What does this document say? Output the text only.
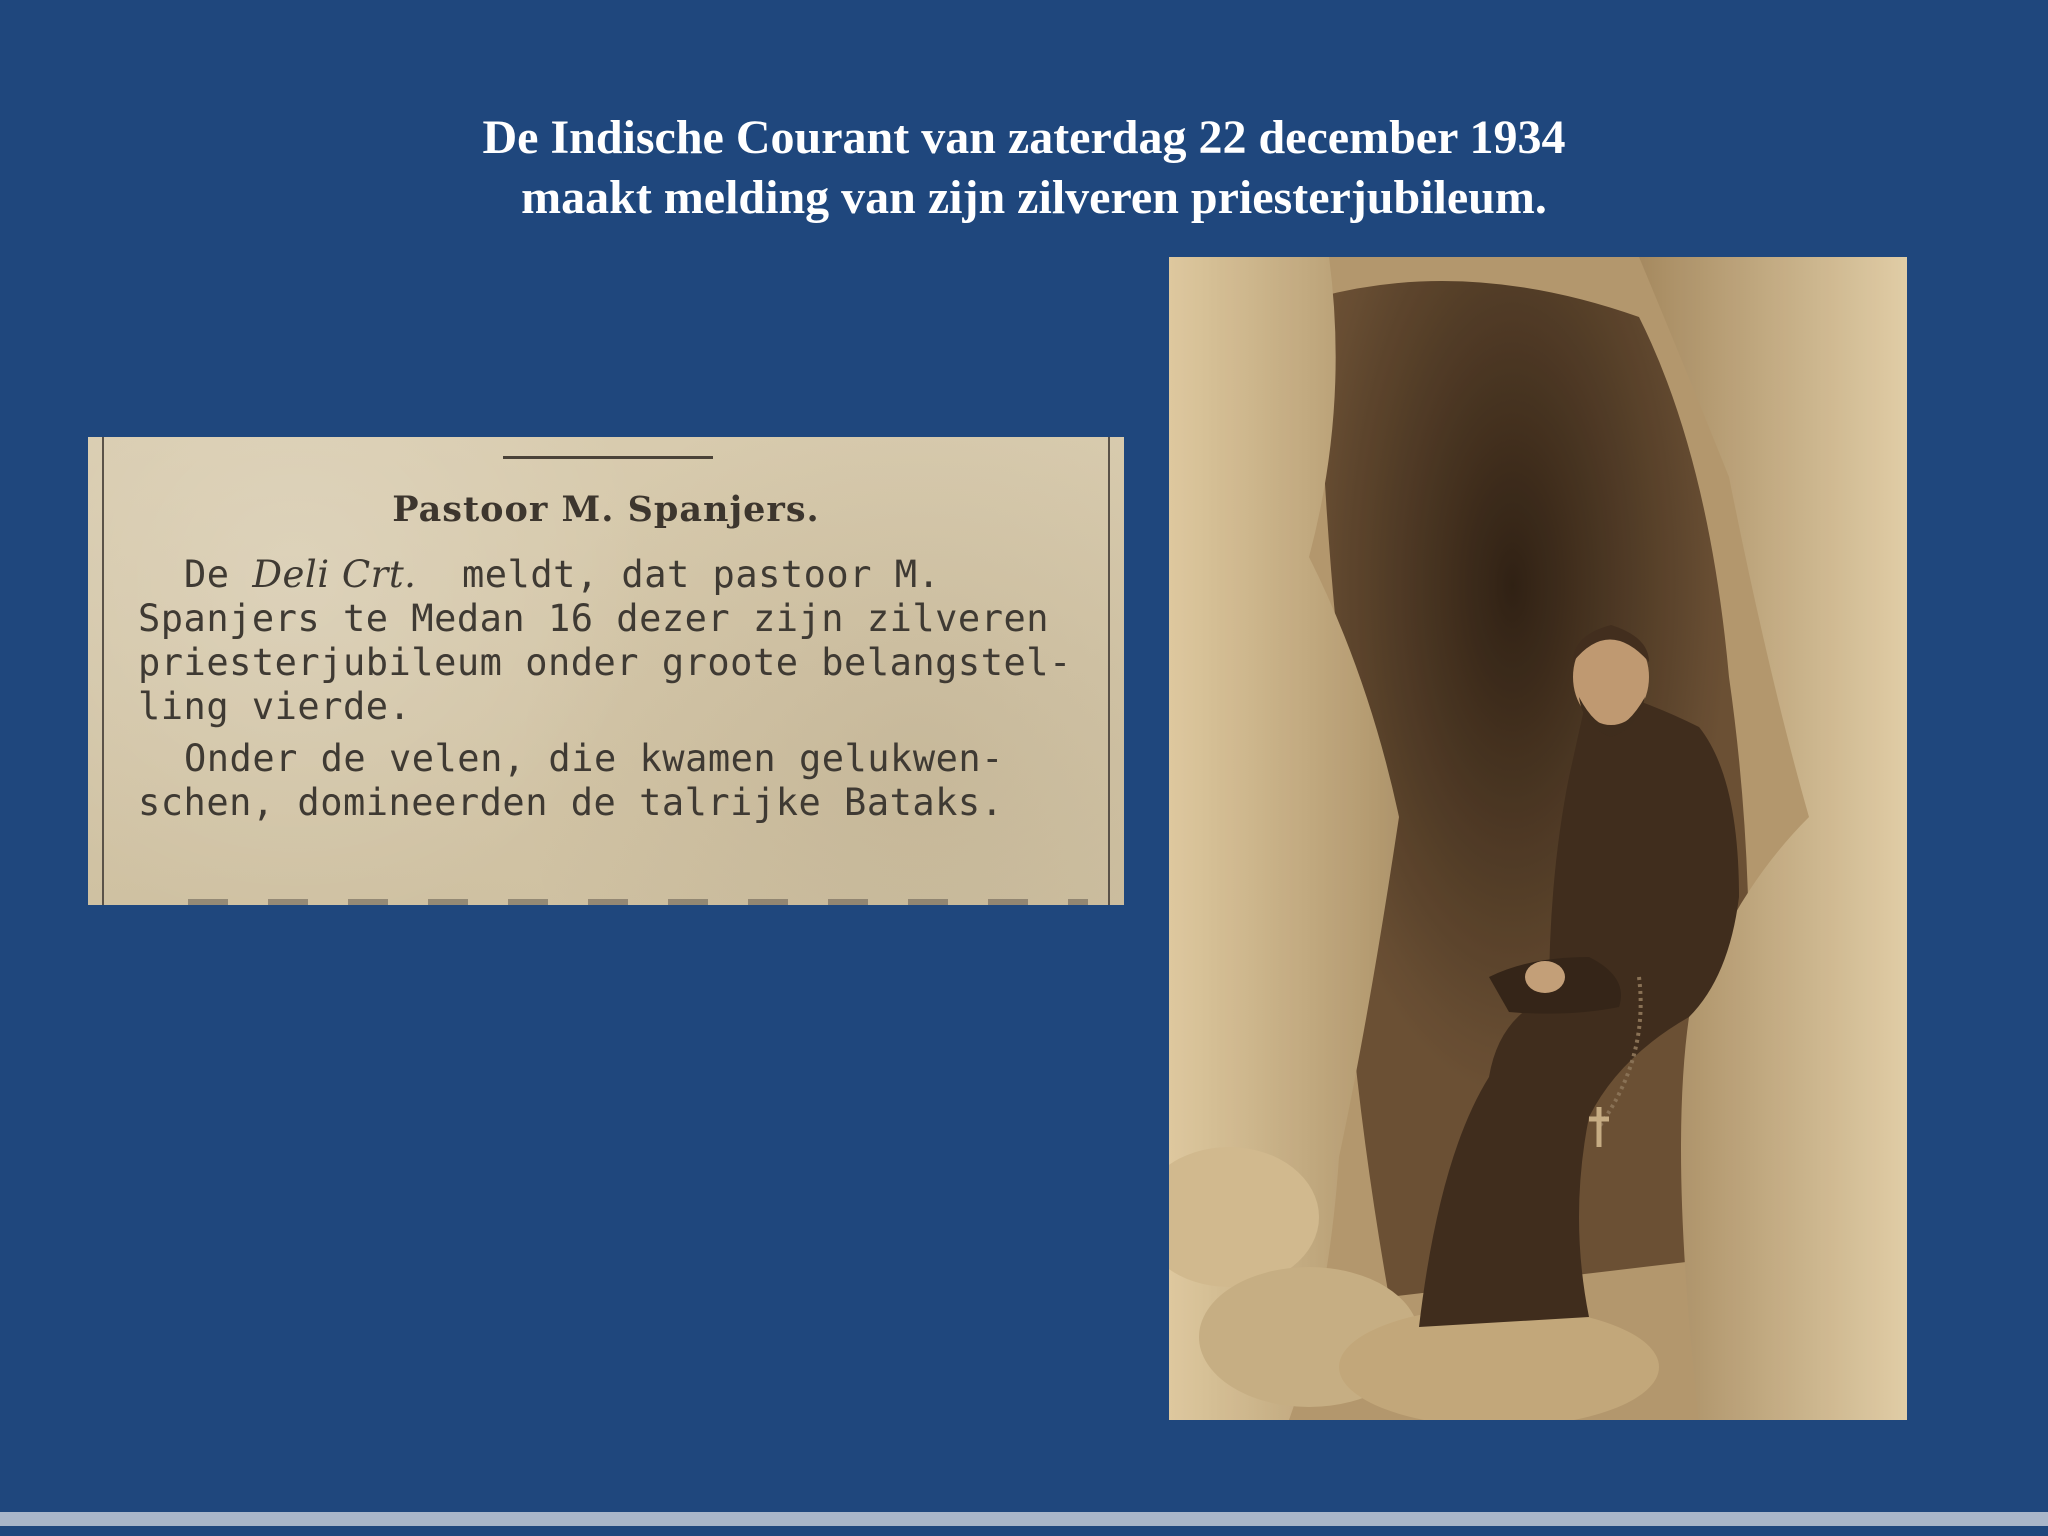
De Indische Courant van zaterdag 22 december 1934
maakt melding van zijn zilveren priesterjubileum.
Pastoor M. Spanjers.
De Deli Crt.  meldt, dat pastoor M.
Spanjers te Medan 16 dezer zijn zilveren
priesterjubileum onder groote belangstel-
ling vierde.
Onder de velen, die kwamen gelukwen-
schen, domineerden de talrijke Bataks.
